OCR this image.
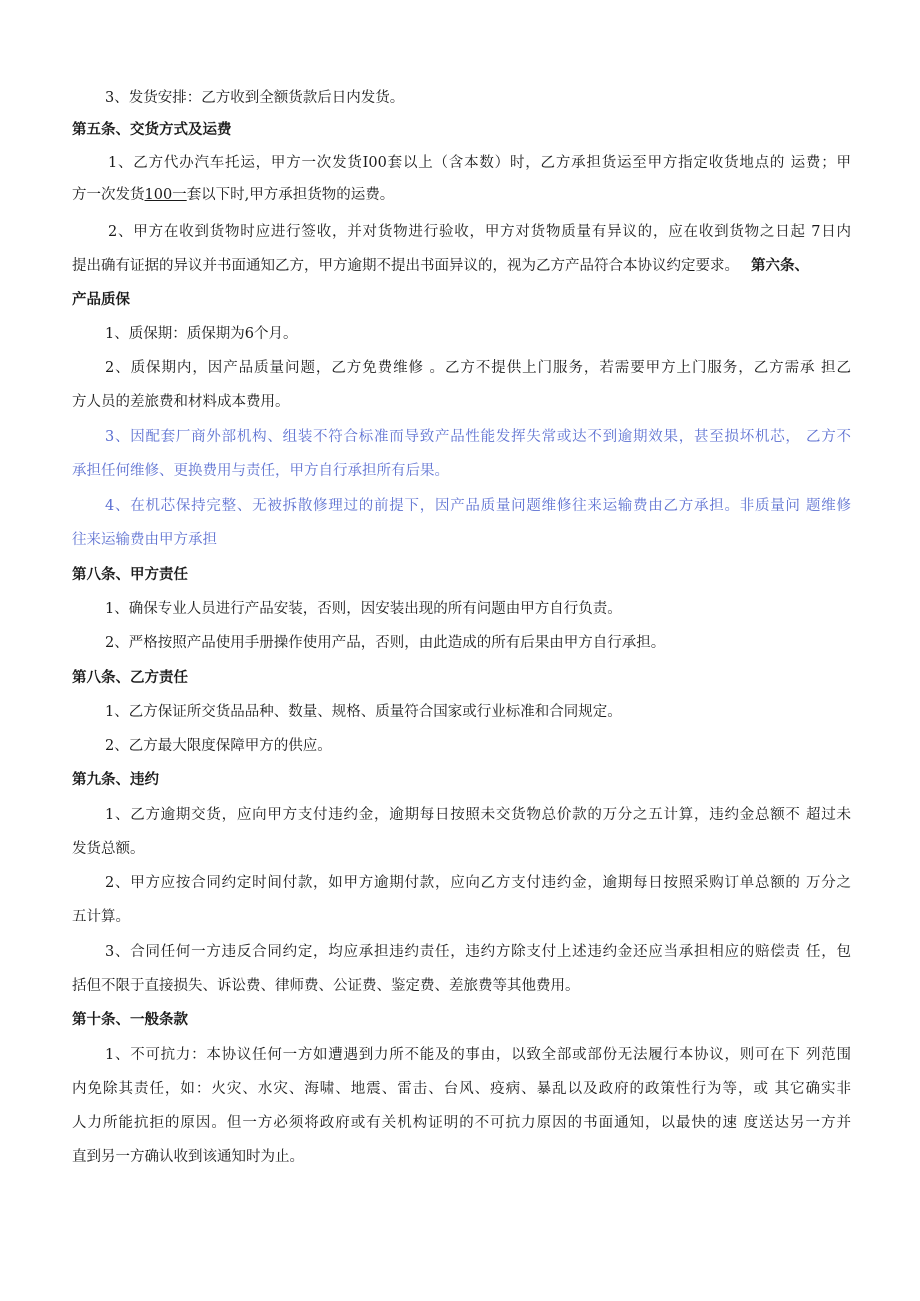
3、发货安排：乙方收到全额货款后日内发货。
第五条、交货方式及运费
1、乙方代办汽车托运，甲方一次发货I00套以上（含本数）时，乙方承担货运至甲方指定收货地点的 运费；甲
方一次发货100一套以下时,甲方承担货物的运费。
2、甲方在收到货物时应进行签收，并对货物进行验收，甲方对货物质量有异议的，应在收到货物之日起 7日内
提出确有证据的异议并书面通知乙方，甲方逾期不提出书面异议的，视为乙方产品符合本协议约定要求。 第六条、
产品质保
1、质保期：质保期为6个月。
2、质保期内，因产品质量问题，乙方免费维修 。乙方不提供上门服务，若需要甲方上门服务，乙方需承 担乙
方人员的差旅费和材料成本费用。
3、因配套厂商外部机构、组装不符合标准而导致产品性能发挥失常或达不到逾期效果，甚至损坏机芯， 乙方不
承担任何维修、更换费用与责任，甲方自行承担所有后果。
4、在机芯保持完整、无被拆散修理过的前提下，因产品质量问题维修往来运输费由乙方承担。非质量问 题维修
往来运输费由甲方承担
第八条、甲方责任
1、确保专业人员进行产品安装，否则，因安装出现的所有问题由甲方自行负责。
2、严格按照产品使用手册操作使用产品，否则，由此造成的所有后果由甲方自行承担。
第八条、乙方责任
1、乙方保证所交货品品种、数量、规格、质量符合国家或行业标准和合同规定。
2、乙方最大限度保障甲方的供应。
第九条、违约
1、乙方逾期交货，应向甲方支付违约金，逾期每日按照未交货物总价款的万分之五计算，违约金总额不 超过未
发货总额。
2、甲方应按合同约定时间付款，如甲方逾期付款，应向乙方支付违约金，逾期每日按照采购订单总额的 万分之
五计算。
3、合同任何一方违反合同约定，均应承担违约责任，违约方除支付上述违约金还应当承担相应的赔偿责 任，包
括但不限于直接损失、诉讼费、律师费、公证费、鉴定费、差旅费等其他费用。
第十条、一般条款
1、不可抗力：本协议任何一方如遭遇到力所不能及的事由，以致全部或部份无法履行本协议，则可在下 列范围
内免除其责任，如：火灾、水灾、海啸、地震、雷击、台风、疫病、暴乱以及政府的政策性行为等，或 其它确实非
人力所能抗拒的原因。但一方必须将政府或有关机构证明的不可抗力原因的书面通知，以最快的速 度送达另一方并
直到另一方确认收到该通知时为止。
